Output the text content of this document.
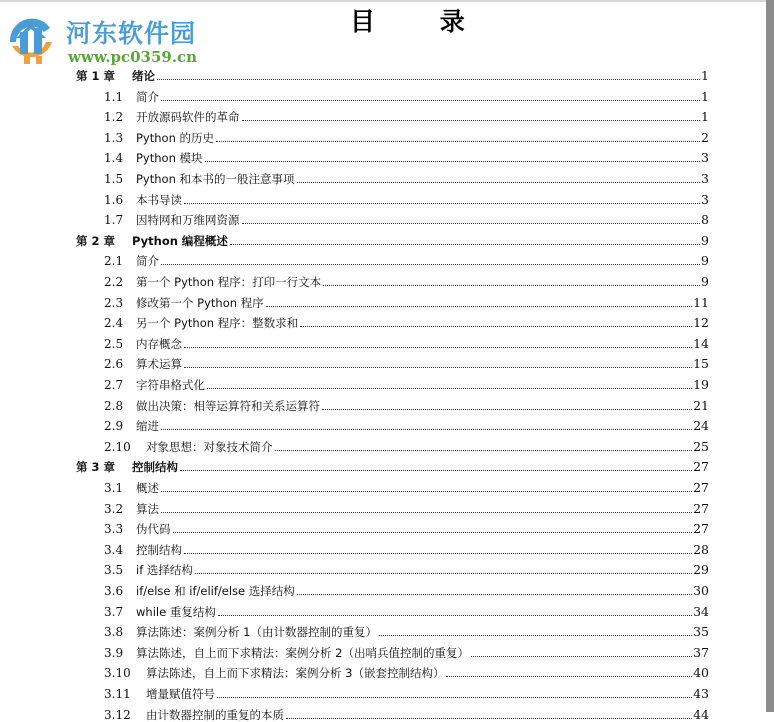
河东软件园
www.pc0359.cn
目 录
第 1 章	绪论	1
1.1	简介	1
1.2	开放源码软件的革命	1
1.3	Python 的历史	2
1.4	Python 模块	3
1.5	Python 和本书的一般注意事项	3
1.6	本书导读	3
1.7	因特网和万维网资源	8
第 2 章	Python 编程概述	9
2.1	简介	9
2.2	第一个 Python 程序：打印一行文本	9
2.3	修改第一个 Python 程序	11
2.4	另一个 Python 程序：整数求和	12
2.5	内存概念	14
2.6	算术运算	15
2.7	字符串格式化	19
2.8	做出决策：相等运算符和关系运算符	21
2.9	缩进	24
2.10	对象思想：对象技术简介	25
第 3 章	控制结构	27
3.1	概述	27
3.2	算法	27
3.3	伪代码	27
3.4	控制结构	28
3.5	if 选择结构	29
3.6	if/else 和 if/elif/else 选择结构	30
3.7	while 重复结构	34
3.8	算法陈述：案例分析 1（由计数器控制的重复）	35
3.9	算法陈述，自上而下求精法：案例分析 2（出哨兵值控制的重复）	37
3.10	算法陈述，自上而下求精法：案例分析 3（嵌套控制结构）	40
3.11	增量赋值符号	43
3.12	由计数器控制的重复的本质	44
